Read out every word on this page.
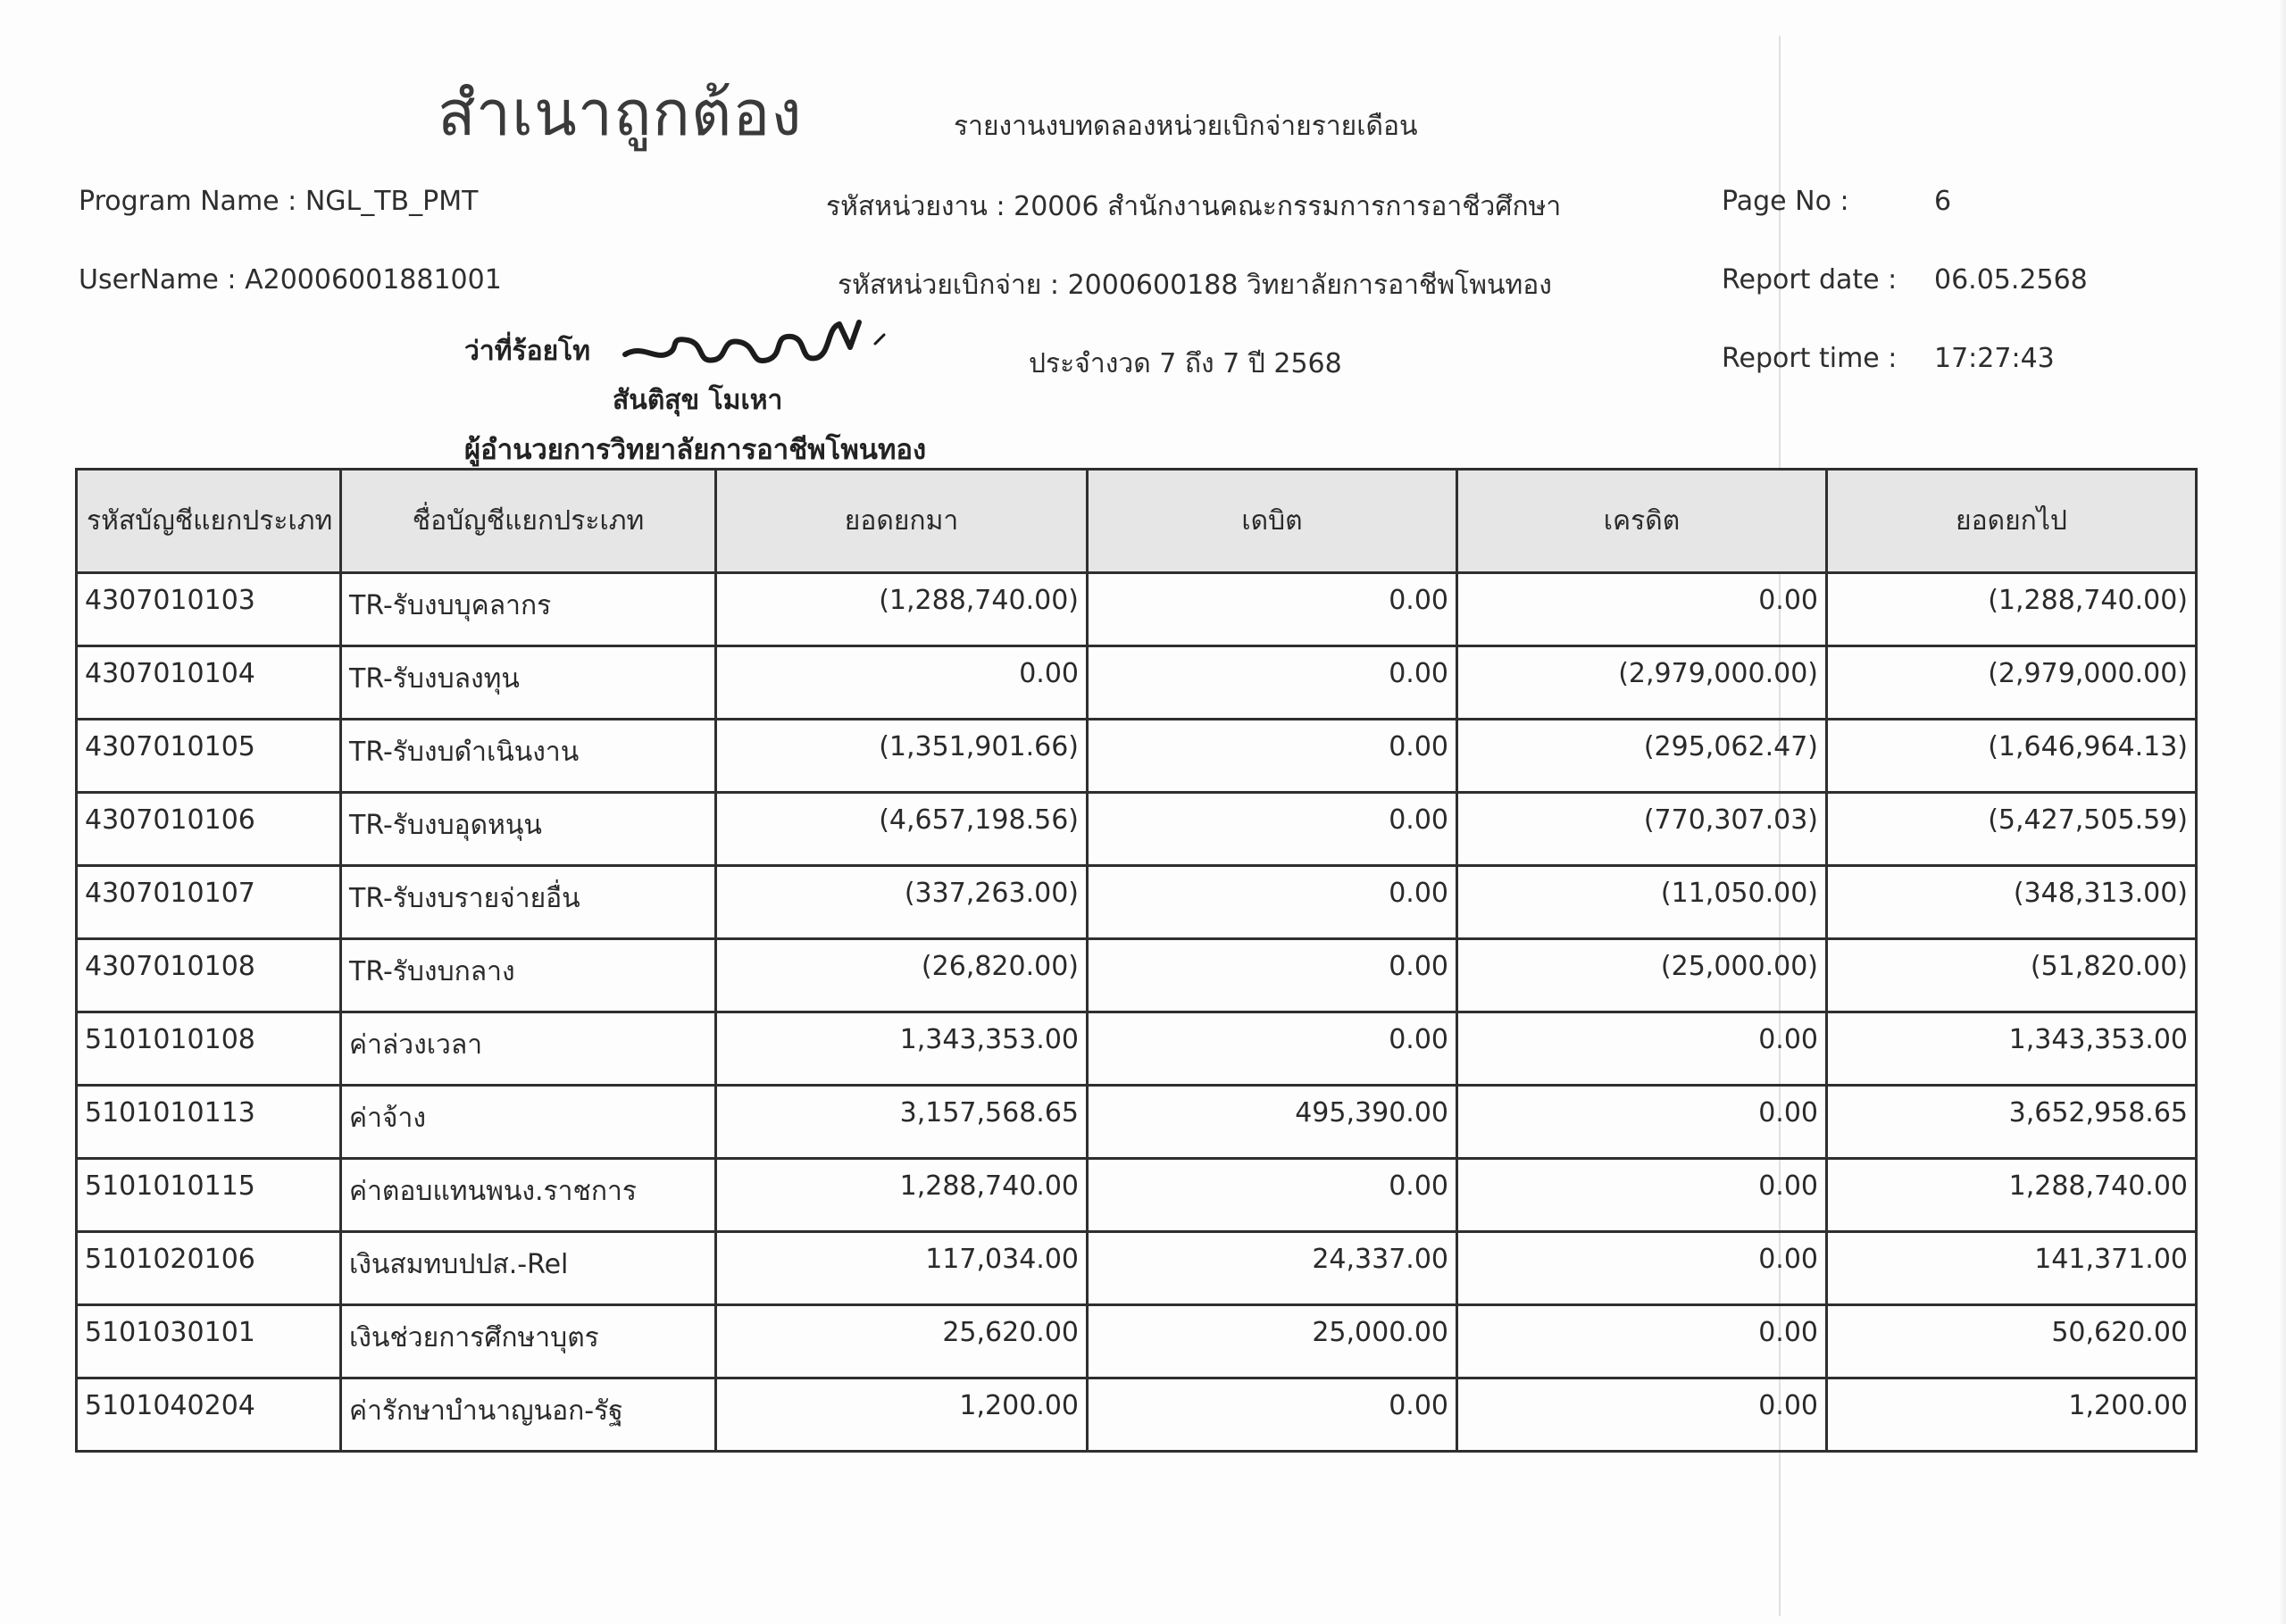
สำเนาถูกต้อง	รายงานงบทดลองหน่วยเบิกจ่ายรายเดือน
Program Name : NGL_TB_PMT
UserName : A20006001881001
รหัสหน่วยงาน : 20006 สำนักงานคณะกรรมการการอาชีวศึกษา
รหัสหน่วยเบิกจ่าย : 2000600188 วิทยาลัยการอาชีพโพนทอง
ประจำงวด 7 ถึง 7 ปี 2568
Page No :	6
Report date : 06.05.2568
Report time : 17:27:43
ว่าที่ร้อยโท
สันติสุข โมเหา
ผู้อำนวยการวิทยาลัยการอาชีพโพนทอง
รหัสบัญชีแยกประเภท	ชื่อบัญชีแยกประเภท	ยอดยกมา	เดบิต	เครดิต	ยอดยกไป
4307010103	TR-รับงบบุคลากร	(1,288,740.00)	0.00	0.00	(1,288,740.00)
4307010104	TR-รับงบลงทุน	0.00	0.00	(2,979,000.00)	(2,979,000.00)
4307010105	TR-รับงบดำเนินงาน	(1,351,901.66)	0.00	(295,062.47)	(1,646,964.13)
4307010106	TR-รับงบอุดหนุน	(4,657,198.56)	0.00	(770,307.03)	(5,427,505.59)
4307010107	TR-รับงบรายจ่ายอื่น	(337,263.00)	0.00	(11,050.00)	(348,313.00)
4307010108	TR-รับงบกลาง	(26,820.00)	0.00	(25,000.00)	(51,820.00)
5101010108	ค่าล่วงเวลา	1,343,353.00	0.00	0.00	1,343,353.00
5101010113	ค่าจ้าง	3,157,568.65	495,390.00	0.00	3,652,958.65
5101010115	ค่าตอบแทนพนง.ราชการ	1,288,740.00	0.00	0.00	1,288,740.00
5101020106	เงินสมทบปปส.-Rel	117,034.00	24,337.00	0.00	141,371.00
5101030101	เงินช่วยการศึกษาบุตร	25,620.00	25,000.00	0.00	50,620.00
5101040204	ค่ารักษาบำนาญนอก-รัฐ	1,200.00	0.00	0.00	1,200.00
